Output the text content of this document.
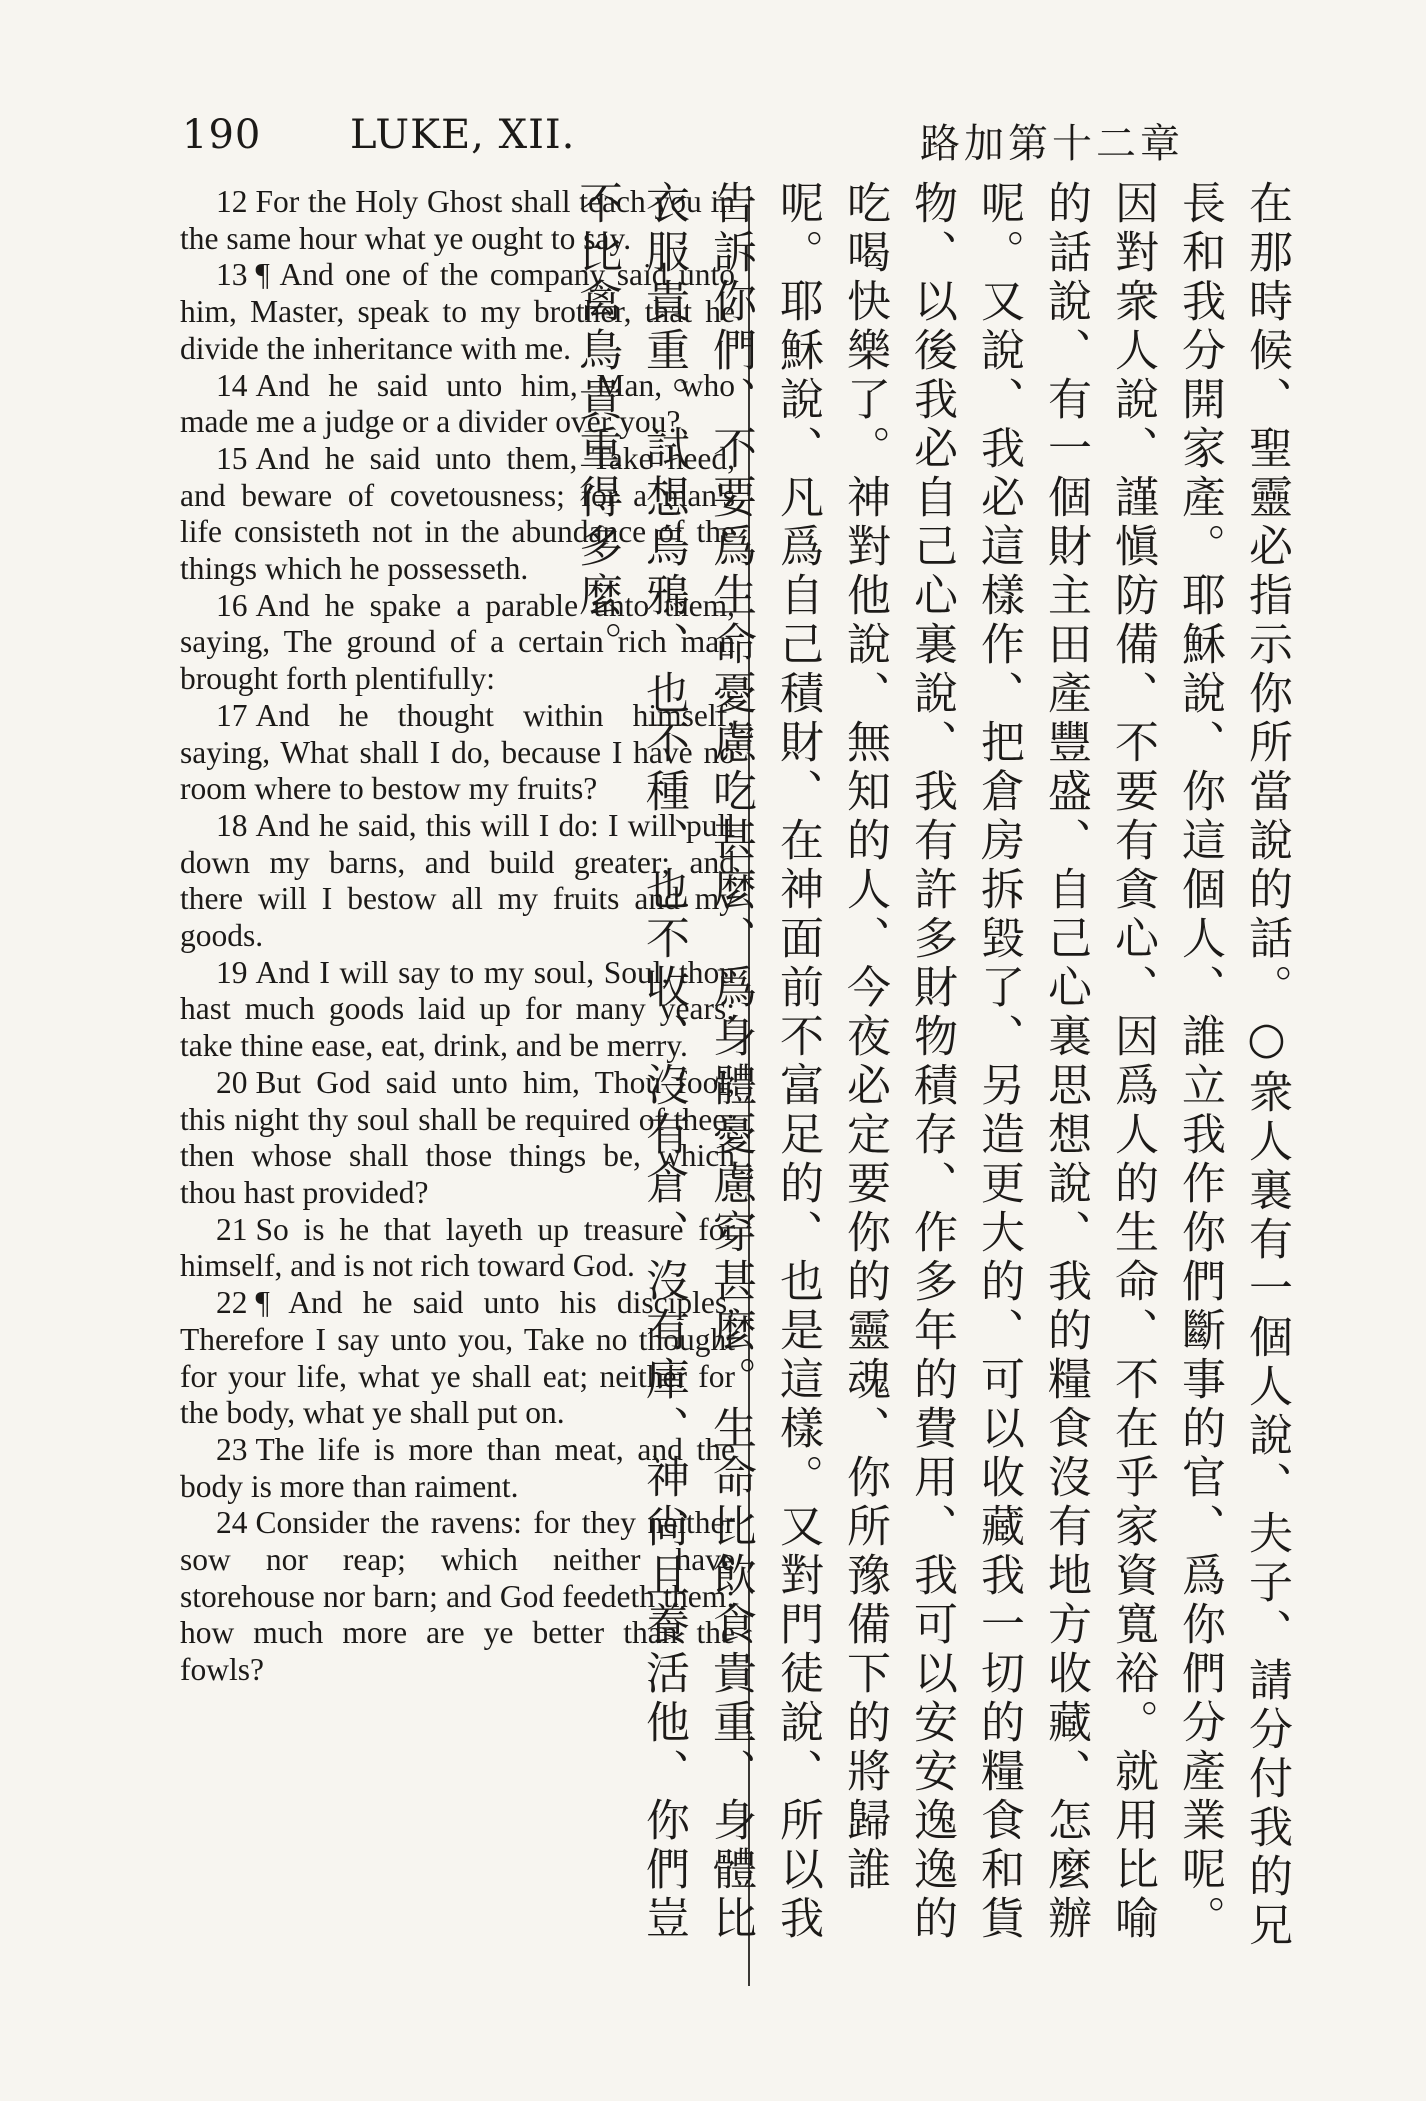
190 LUKE, XII.	路加第十二章

12 For the Holy Ghost shall teach you in the same hour what ye ought to say.

13 ¶ And one of the company said unto him, Master, speak to my brother, that he divide the inheritance with me.

14 And he said unto him, Man, who made me a judge or a divider over you?

15 And he said unto them, Take heed, and beware of covetousness; for a man's life consisteth not in the abundance of the things which he possesseth.

16 And he spake a parable unto them, saying, The ground of a certain rich man brought forth plentifully:

17 And he thought within himself, saying, What shall I do, because I have no room where to bestow my fruits?

18 And he said, this will I do: I will pull down my barns, and build greater; and there will I bestow all my fruits and my goods.

19 And I will say to my soul, Soul, thou hast much goods laid up for many years; take thine ease, eat, drink, and be merry.

20 But God said unto him, Thou fool, this night thy soul shall be required of thee: then whose shall those things be, which thou hast provided?

21 So is he that layeth up treasure for himself, and is not rich toward God.

22 ¶ And he said unto his disciples, Therefore I say unto you, Take no thought for your life, what ye shall eat; neither for the body, what ye shall put on.

23 The life is more than meat, and the body is more than raiment.

24 Consider the ravens: for they neither sow nor reap; which neither have storehouse nor barn; and God feedeth them: how much more are ye better than the fowls?	在那時候、聖靈必指示你所當說的話。○衆人裏有一個人說、夫子、請分付我的兄長和我分開家產。耶穌說、你這個人、誰立我作你們斷事的官、爲你們分產業呢。因對衆人說、謹愼防備、不要有貪心、因爲人的生命、不在乎家資寬裕。就用比喻的話說、有一個財主田產豐盛、自己心裏思想說、我的糧食沒有地方收藏、怎麼辦呢。又說、我必這樣作、把倉房拆毀了、另造更大的、可以收藏我一切的糧食和貨物、以後我必自己心裏說、我有許多財物積存、作多年的費用、我可以安安逸逸的吃喝快樂了。神對他說、無知的人、今夜必定要你的靈魂、你所豫備下的將歸誰呢。耶穌說、凡爲自己積財、在神面前不富足的、也是這樣。又對門徒說、所以我告訴你們、不要爲生命憂慮吃甚麼、爲身體憂慮穿甚麼。生命比飲食貴重、身體比衣服貴重。試想烏鴉、也不種、也不收、沒有倉、沒有庫、神尙且養活他、你們豈不比禽鳥貴重得多麼。
